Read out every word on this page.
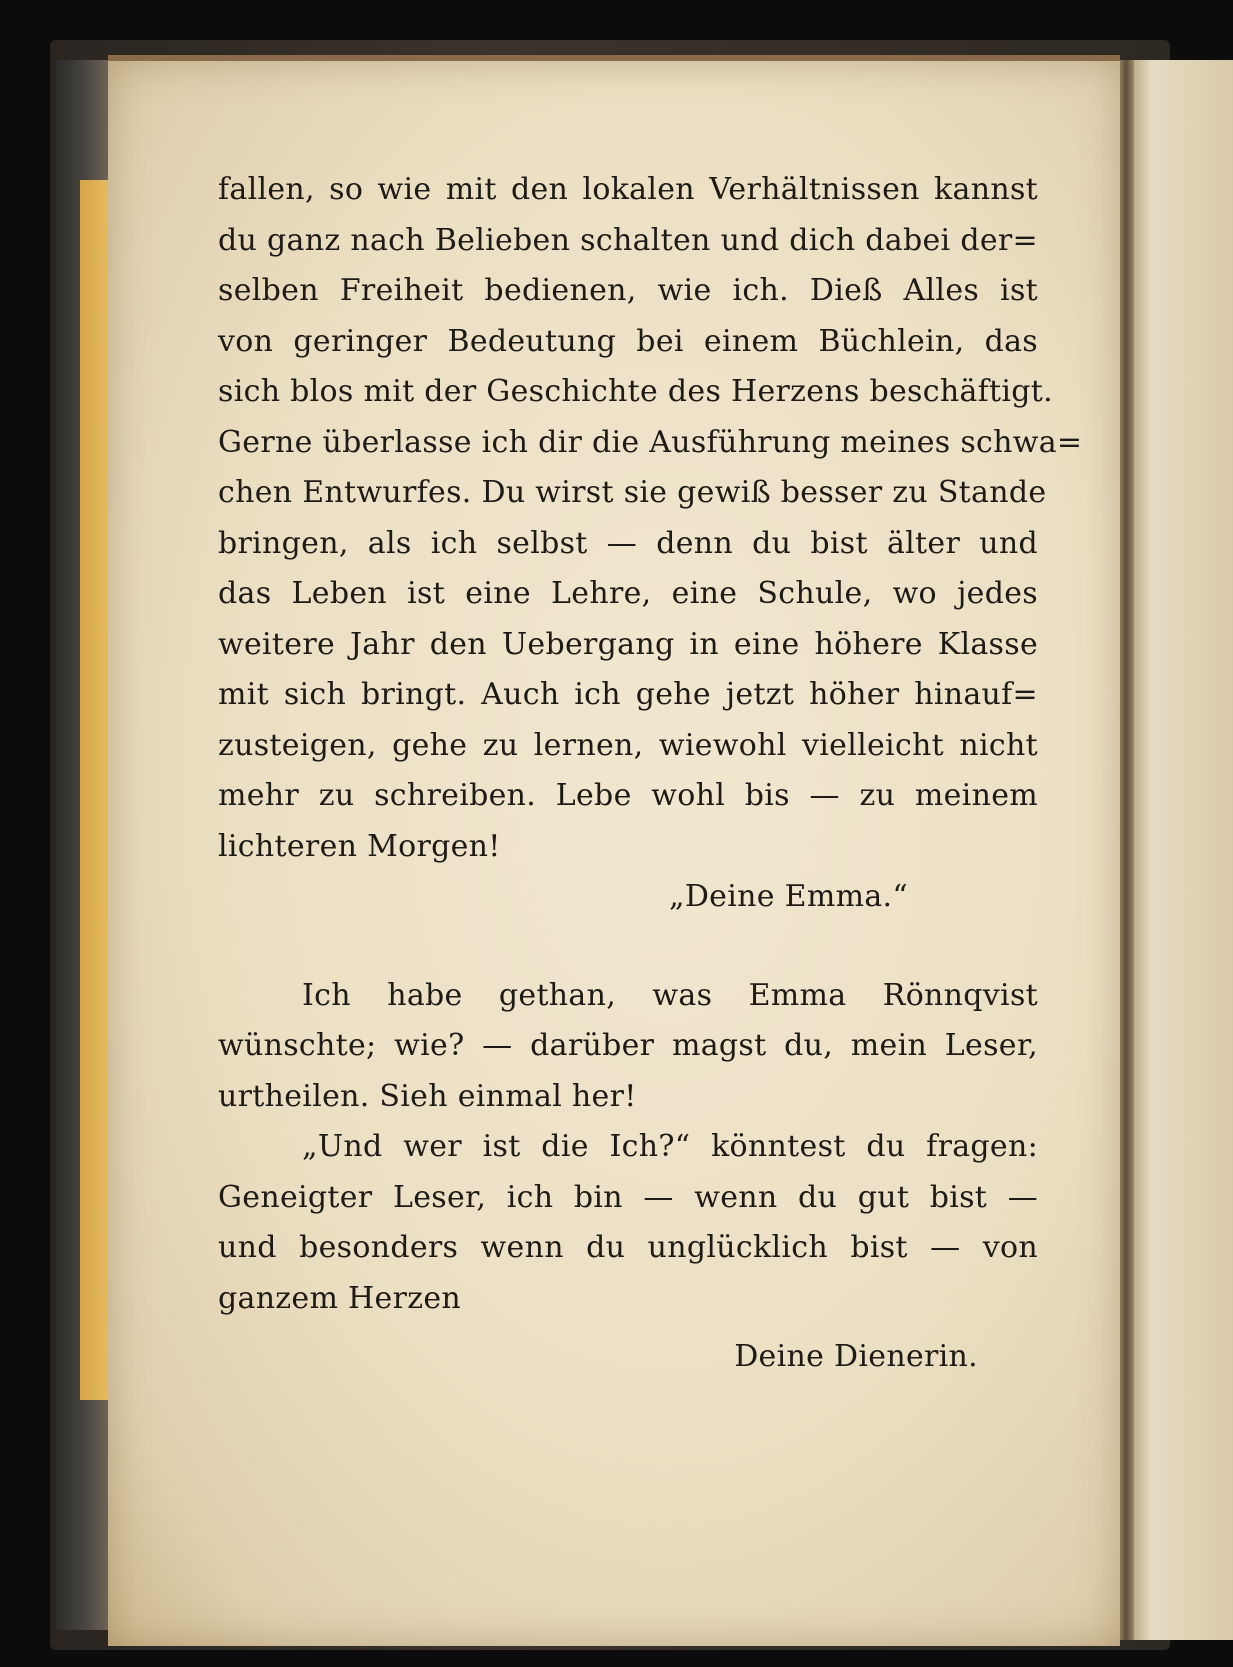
fallen, so wie mit den lokalen Verhältnissen kannst
du ganz nach Belieben schalten und dich dabei der=
selben Freiheit bedienen, wie ich. Dieß Alles ist
von geringer Bedeutung bei einem Büchlein, das
sich blos mit der Geschichte des Herzens beschäftigt.
Gerne überlasse ich dir die Ausführung meines schwa=
chen Entwurfes. Du wirst sie gewiß besser zu Stande
bringen, als ich selbst — denn du bist älter und
das Leben ist eine Lehre, eine Schule, wo jedes
weitere Jahr den Uebergang in eine höhere Klasse
mit sich bringt. Auch ich gehe jetzt höher hinauf=
zusteigen, gehe zu lernen, wiewohl vielleicht nicht
mehr zu schreiben. Lebe wohl bis — zu meinem
lichteren Morgen!
„Deine Emma.“
Ich habe gethan, was Emma Rönnqvist
wünschte; wie? — darüber magst du, mein Leser,
urtheilen. Sieh einmal her!
„Und wer ist die Ich?“ könntest du fragen:
Geneigter Leser, ich bin — wenn du gut bist —
und besonders wenn du unglücklich bist — von
ganzem Herzen
Deine Dienerin.
